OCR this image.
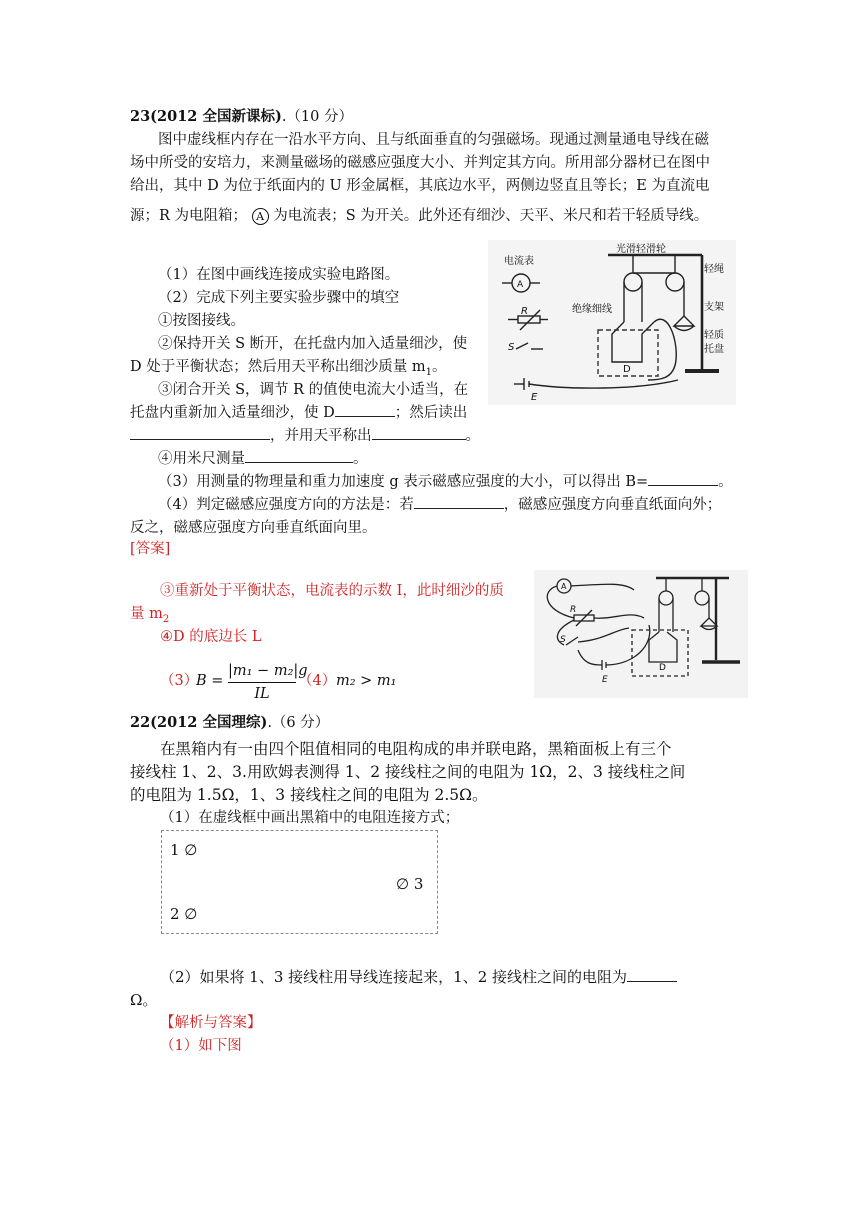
23(2012 全国新课标).（10 分）
图中虚线框内存在一沿水平方向、且与纸面垂直的匀强磁场。现通过测量通电导线在磁
场中所受的安培力，来测量磁场的磁感应强度大小、并判定其方向。所用部分器材已在图中
给出，其中 D 为位于纸面内的 U 形金属框，其底边水平，两侧边竖直且等长；E 为直流电
源；R 为电阻箱； A 为电流表；S 为开关。此外还有细沙、天平、米尺和若干轻质导线。
（1）在图中画线连接成实验电路图。
（2）完成下列主要实验步骤中的填空
①按图接线。
②保持开关 S 断开，在托盘内加入适量细沙，使
D 处于平衡状态；然后用天平称出细沙质量 $m_1$。
③闭合开关 S，调节 R 的值使电流大小适当，在
托盘内重新加入适量细沙，使 D	；然后读出
，并用天平称出	。
④用米尺测量	。
（3）用测量的物理量和重力加速度 g 表示磁感应强度的大小，可以得出 B=	。
（4）判定磁感应强度方向的方法是：若	，磁感应强度方向垂直纸面向外；
反之，磁感应强度方向垂直纸面向里。
电流表
A
光滑轻滑轮
轻绳
绝缘细线	支架
轻质
托盘
R
S
E
D
[答案]
③重新处于平衡状态，电流表的示数 I，此时细沙的质
量 $m_2$
④D 的底边长 L
（3）
B =
|m₁ − m₂|g
IL
（4） m₂ > m₁
A
R
S
E
D
22(2012 全国理综).（6 分）
在黑箱内有一由四个阻值相同的电阻构成的串并联电路，黑箱面板上有三个
接线柱 1、2、3.用欧姆表测得 1、2 接线柱之间的电阻为 1Ω，2、3 接线柱之间
的电阻为 1.5Ω，1、3 接线柱之间的电阻为 2.5Ω。
（1）在虚线框中画出黑箱中的电阻连接方式；
1 ∅
∅ 3
2 ∅
（2）如果将 1、3 接线柱用导线连接起来，1、2 接线柱之间的电阻为
Ω。
【解析与答案】
（1）如下图
